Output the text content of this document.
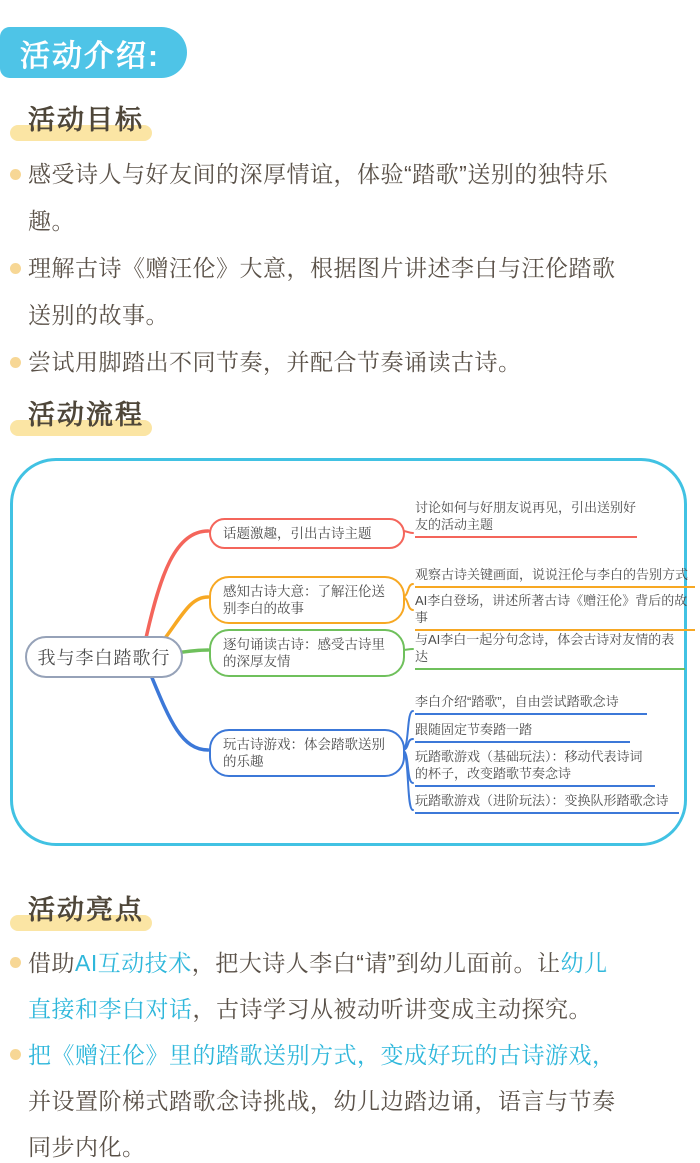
活动介绍:
活动目标
感受诗人与好友间的深厚情谊，体验“踏歌”送别的独特乐趣。
理解古诗《赠汪伦》大意，根据图片讲述李白与汪伦踏歌送别的故事。
尝试用脚踏出不同节奏，并配合节奏诵读古诗。
活动流程
我与李白踏歌行
话题激趣，引出古诗主题
感知古诗大意：了解汪伦送别李白的故事
逐句诵读古诗：感受古诗里的深厚友情
玩古诗游戏：体会踏歌送别的乐趣
讨论如何与好朋友说再见，引出送别好友的活动主题
观察古诗关键画面，说说汪伦与李白的告别方式
AI李白登场，讲述所著古诗《赠汪伦》背后的故事
与AI李白一起分句念诗，体会古诗对友情的表达
李白介绍“踏歌”，自由尝试踏歌念诗
跟随固定节奏踏一踏
玩踏歌游戏（基础玩法）：移动代表诗词的杯子，改变踏歌节奏念诗
玩踏歌游戏（进阶玩法）：变换队形踏歌念诗
活动亮点
借助AI互动技术，把大诗人李白“请”到幼儿面前。让幼儿直接和李白对话，古诗学习从被动听讲变成主动探究。
把《赠汪伦》里的踏歌送别方式，变成好玩的古诗游戏，并设置阶梯式踏歌念诗挑战，幼儿边踏边诵，语言与节奏同步内化。
